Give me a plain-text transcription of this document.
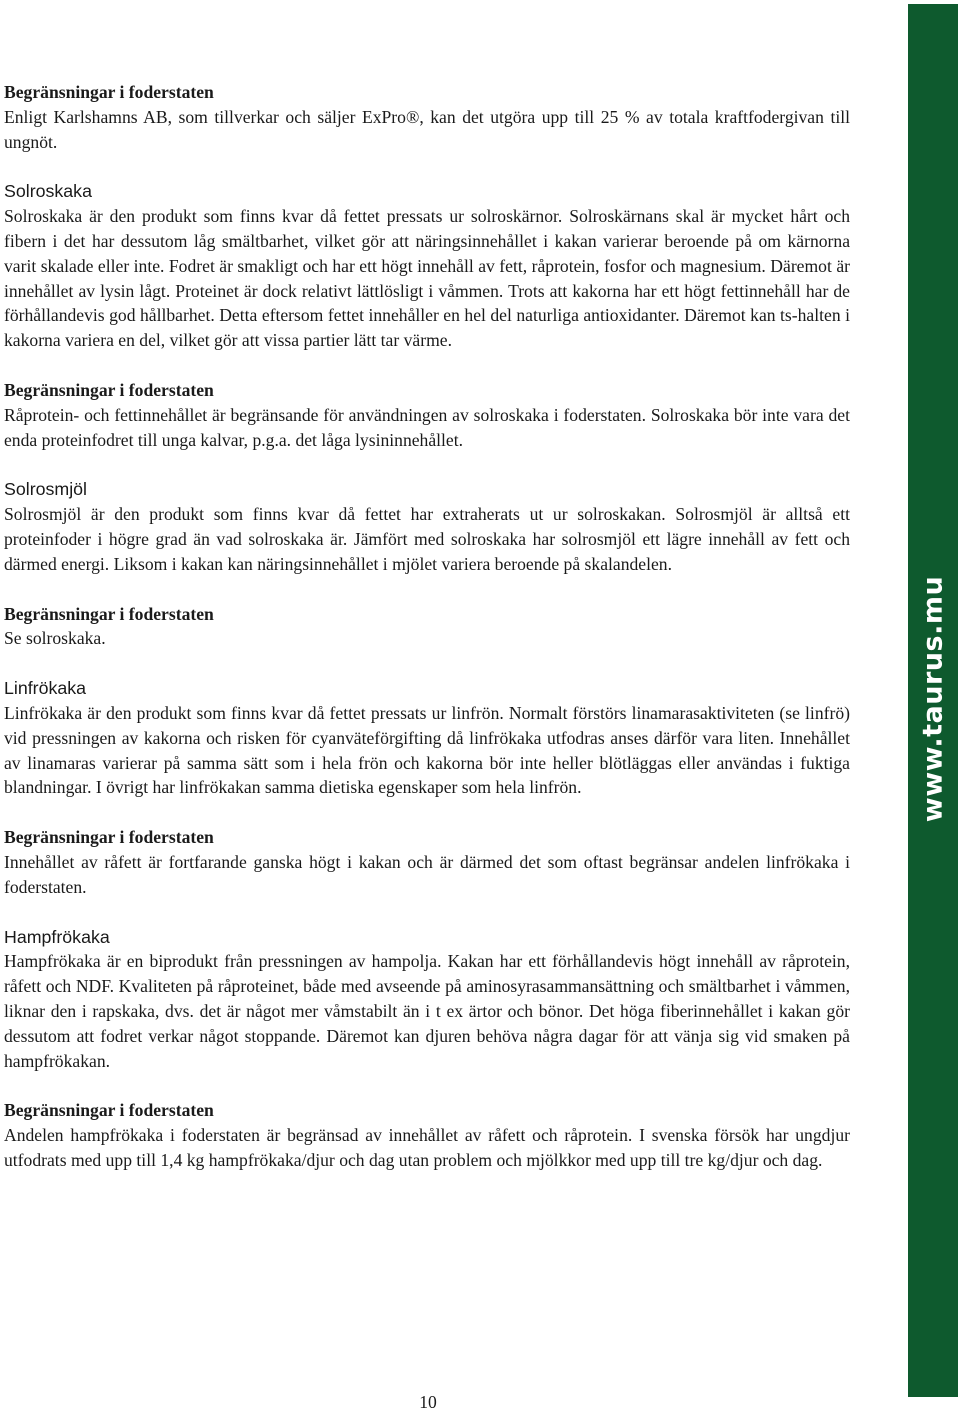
Begränsningar i foderstaten
Enligt Karlshamns AB, som tillverkar och säljer ExPro®, kan det utgöra upp till 25 % av totala kraftfodergivan till ungnöt.
Solroskaka
Solroskaka är den produkt som finns kvar då fettet pressats ur solroskärnor. Solroskärnans skal är mycket hårt och fibern i det har dessutom låg smältbarhet, vilket gör att näringsinnehållet i kakan varierar beroende på om kärnorna varit skalade eller inte. Fodret är smakligt och har ett högt innehåll av fett, råprotein, fosfor och magnesium. Däremot är innehållet av lysin lågt. Proteinet är dock relativt lättlösligt i våmmen. Trots att kakorna har ett högt fettinnehåll har de förhållandevis god hållbarhet. Detta eftersom fettet innehåller en hel del naturliga antioxidanter. Däremot kan ts-halten i kakorna variera en del, vilket gör att vissa partier lätt tar värme.
Begränsningar i foderstaten
Råprotein- och fettinnehållet är begränsande för användningen av solroskaka i foderstaten. Solroskaka bör inte vara det enda proteinfodret till unga kalvar, p.g.a. det låga lysininnehållet.
Solrosmjöl
Solrosmjöl är den produkt som finns kvar då fettet har extraherats ut ur solroskakan. Solrosmjöl är alltså ett proteinfoder i högre grad än vad solroskaka är. Jämfört med solroskaka har solrosmjöl ett lägre innehåll av fett och därmed energi. Liksom i kakan kan näringsinnehållet i mjölet variera beroende på skalandelen.
Begränsningar i foderstaten
Se solroskaka.
Linfrökaka
Linfrökaka är den produkt som finns kvar då fettet pressats ur linfrön. Normalt förstörs linamarasaktiviteten (se linfrö) vid pressningen av kakorna och risken för cyanväteförgifting då linfrökaka utfodras anses därför vara liten. Innehållet av linamaras varierar på samma sätt som i hela frön och kakorna bör inte heller blötläggas eller användas i fuktiga blandningar. I övrigt har linfrökakan samma dietiska egenskaper som hela linfrön.
Begränsningar i foderstaten
Innehållet av råfett är fortfarande ganska högt i kakan och är därmed det som oftast begränsar andelen linfrökaka i foderstaten.
Hampfrökaka
Hampfrökaka är en biprodukt från pressningen av hampolja. Kakan har ett förhållandevis högt innehåll av råprotein, råfett och NDF. Kvaliteten på råproteinet, både med avseende på aminosyrasammansättning och smältbarhet i våmmen, liknar den i rapskaka, dvs. det är något mer våmstabilt än i t ex ärtor och bönor. Det höga fiberinnehållet i kakan gör dessutom att fodret verkar något stoppande. Däremot kan djuren behöva några dagar för att vänja sig vid smaken på hampfrökakan.
Begränsningar i foderstaten
Andelen hampfrökaka i foderstaten är begränsad av innehållet av råfett och råprotein. I svenska försök har ungdjur utfodrats med upp till 1,4 kg hampfrökaka/djur och dag utan problem och mjölkkor med upp till tre kg/djur och dag.
www.taurus.mu
10
